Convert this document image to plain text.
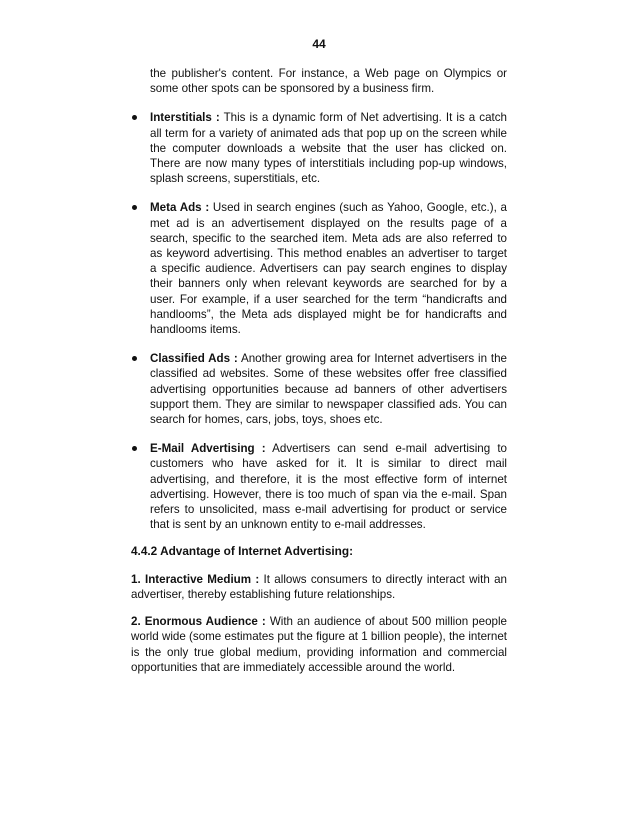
44

the publisher's content. For instance, a Web page on Olympics or some other spots can be sponsored by a business firm.

Interstitials : This is a dynamic form of Net advertising. It is a catch all term for a variety of animated ads that pop up on the screen while the computer downloads a website that the user has clicked on. There are now many types of interstitials including pop-up windows, splash screens, superstitials, etc.

Meta Ads : Used in search engines (such as Yahoo, Google, etc.), a met ad is an advertisement displayed on the results page of a search, specific to the searched item. Meta ads are also referred to as keyword advertising. This method enables an advertiser to target a specific audience. Advertisers can pay search engines to display their banners only when relevant keywords are searched for by a user. For example, if a user searched for the term “handicrafts and handlooms”, the Meta ads displayed might be for handicrafts and handlooms items.

Classified Ads : Another growing area for Internet advertisers in the classified ad websites. Some of these websites offer free classified advertising opportunities because ad banners of other advertisers support them. They are similar to newspaper classified ads. You can search for homes, cars, jobs, toys, shoes etc.

E-Mail Advertising : Advertisers can send e-mail advertising to customers who have asked for it. It is similar to direct mail advertising, and therefore, it is the most effective form of internet advertising. However, there is too much of span via the e-mail. Span refers to unsolicited, mass e-mail advertising for product or service that is sent by an unknown entity to e-mail addresses.

4.4.2 Advantage of Internet Advertising:

1. Interactive Medium : It allows consumers to directly interact with an advertiser, thereby establishing future relationships.

2. Enormous Audience : With an audience of about 500 million people world wide (some estimates put the figure at 1 billion people), the internet is the only true global medium, providing information and commercial opportunities that are immediately accessible around the world.
